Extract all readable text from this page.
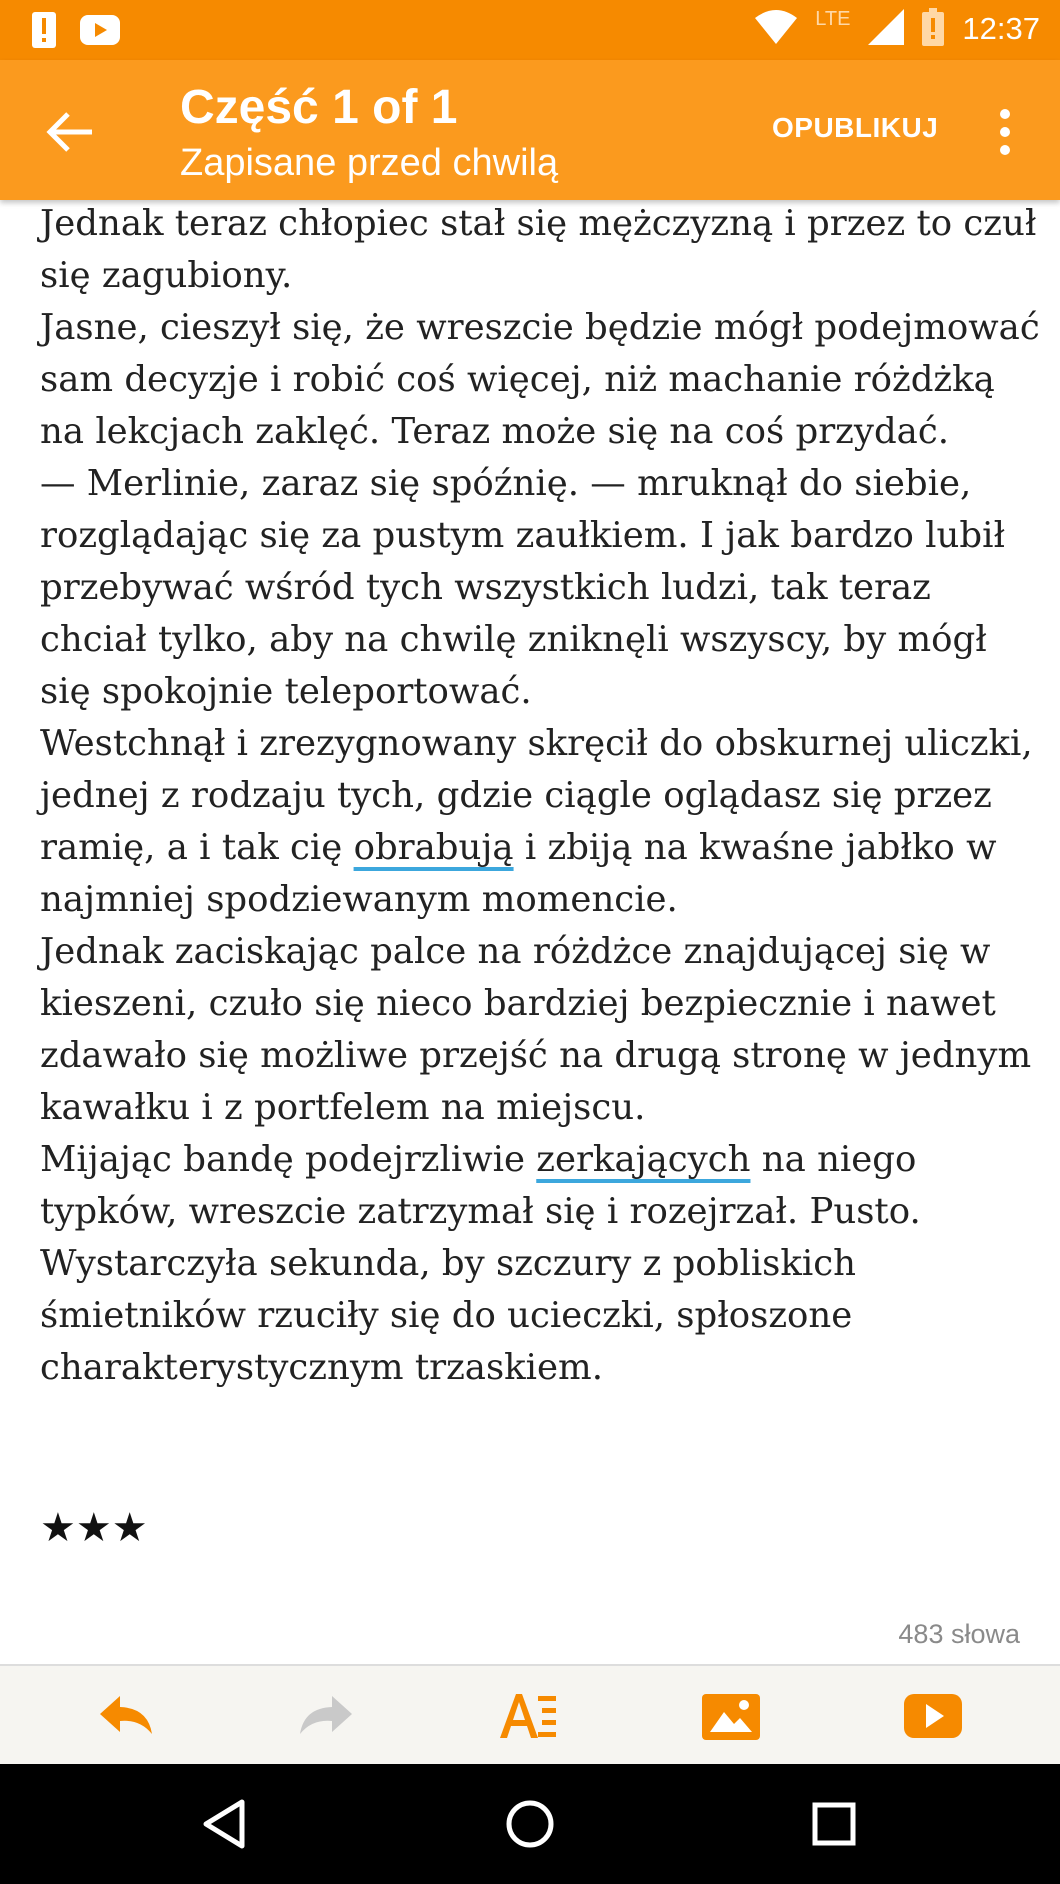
LTE	12:37
Część 1 of 1
Zapisane przed chwilą
OPUBLIKUJ

Jednak teraz chłopiec stał się mężczyzną i przez to czuł się zagubiony.

Jasne, cieszył się, że wreszcie będzie mógł podejmować sam decyzje i robić coś więcej, niż machanie różdżką na lekcjach zaklęć. Teraz może się na coś przydać.

— Merlinie, zaraz się spóźnię. — mruknął do siebie, rozglądając się za pustym zaułkiem. I jak bardzo lubił przebywać wśród tych wszystkich ludzi, tak teraz chciał tylko, aby na chwilę zniknęli wszyscy, by mógł się spokojnie teleportować.

Westchnął i zrezygnowany skręcił do obskurnej uliczki, jednej z rodzaju tych, gdzie ciągle oglądasz się przez ramię, a i tak cię obrabują i zbiją na kwaśne jabłko w najmniej spodziewanym momencie.

Jednak zaciskając palce na różdżce znajdującej się w kieszeni, czuło się nieco bardziej bezpiecznie i nawet zdawało się możliwe przejść na drugą stronę w jednym kawałku i z portfelem na miejscu.

Mijając bandę podejrzliwie zerkających na niego typków, wreszcie zatrzymał się i rozejrzał. Pusto. Wystarczyła sekunda, by szczury z pobliskich śmietników rzuciły się do ucieczki, spłoszone charakterystycznym trzaskiem.

★★★
483 słowa
